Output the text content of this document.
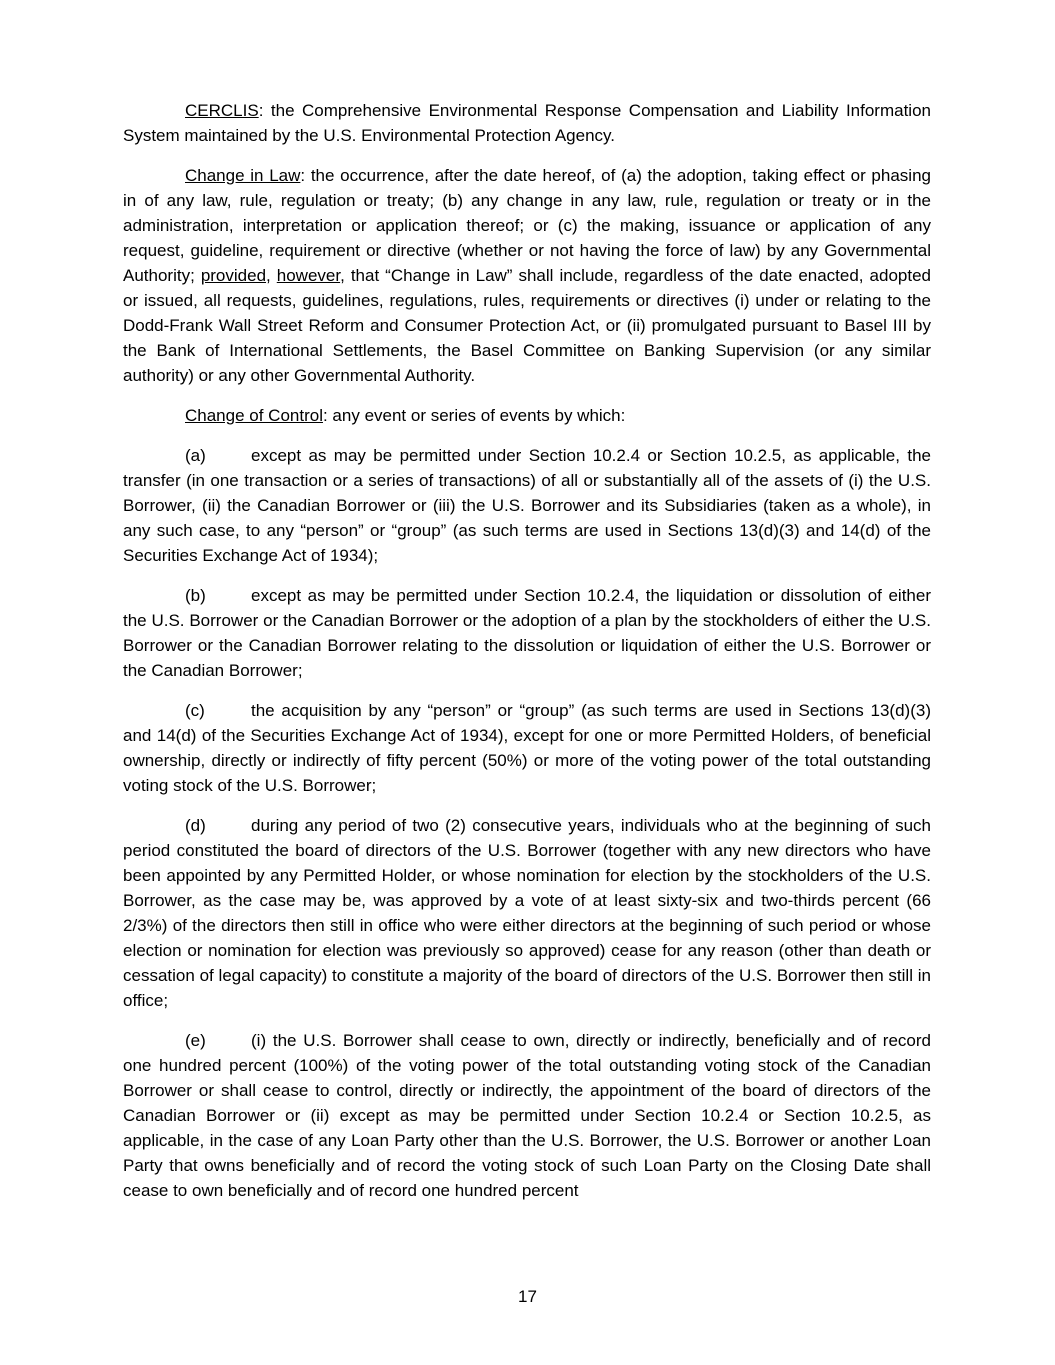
CERCLIS: the Comprehensive Environmental Response Compensation and Liability Information System maintained by the U.S. Environmental Protection Agency.

Change in Law: the occurrence, after the date hereof, of (a) the adoption, taking effect or phasing in of any law, rule, regulation or treaty; (b) any change in any law, rule, regulation or treaty or in the administration, interpretation or application thereof; or (c) the making, issuance or application of any request, guideline, requirement or directive (whether or not having the force of law) by any Governmental Authority; provided, however, that “Change in Law” shall include, regardless of the date enacted, adopted or issued, all requests, guidelines, regulations, rules, requirements or directives (i) under or relating to the Dodd-Frank Wall Street Reform and Consumer Protection Act, or (ii) promulgated pursuant to Basel III by the Bank of International Settlements, the Basel Committee on Banking Supervision (or any similar authority) or any other Governmental Authority.

Change of Control: any event or series of events by which:

(a)	except as may be permitted under Section 10.2.4 or Section 10.2.5, as applicable, the transfer (in one transaction or a series of transactions) of all or substantially all of the assets of (i) the U.S. Borrower, (ii) the Canadian Borrower or (iii) the U.S. Borrower and its Subsidiaries (taken as a whole), in any such case, to any “person” or “group” (as such terms are used in Sections 13(d)(3) and 14(d) of the Securities Exchange Act of 1934);

(b)	except as may be permitted under Section 10.2.4, the liquidation or dissolution of either the U.S. Borrower or the Canadian Borrower or the adoption of a plan by the stockholders of either the U.S. Borrower or the Canadian Borrower relating to the dissolution or liquidation of either the U.S. Borrower or the Canadian Borrower;

(c)	the acquisition by any “person” or “group” (as such terms are used in Sections 13(d)(3) and 14(d) of the Securities Exchange Act of 1934), except for one or more Permitted Holders, of beneficial ownership, directly or indirectly of fifty percent (50%) or more of the voting power of the total outstanding voting stock of the U.S. Borrower;

(d)	during any period of two (2) consecutive years, individuals who at the beginning of such period constituted the board of directors of the U.S. Borrower (together with any new directors who have been appointed by any Permitted Holder, or whose nomination for election by the stockholders of the U.S. Borrower, as the case may be, was approved by a vote of at least sixty-six and two-thirds percent (66 2/3%) of the directors then still in office who were either directors at the beginning of such period or whose election or nomination for election was previously so approved) cease for any reason (other than death or cessation of legal capacity) to constitute a majority of the board of directors of the U.S. Borrower then still in office;

(e)	(i) the U.S. Borrower shall cease to own, directly or indirectly, beneficially and of record one hundred percent (100%) of the voting power of the total outstanding voting stock of the Canadian Borrower or shall cease to control, directly or indirectly, the appointment of the board of directors of the Canadian Borrower or (ii) except as may be permitted under Section 10.2.4 or Section 10.2.5, as applicable, in the case of any Loan Party other than the U.S. Borrower, the U.S. Borrower or another Loan Party that owns beneficially and of record the voting stock of such Loan Party on the Closing Date shall cease to own beneficially and of record one hundred percent

17
